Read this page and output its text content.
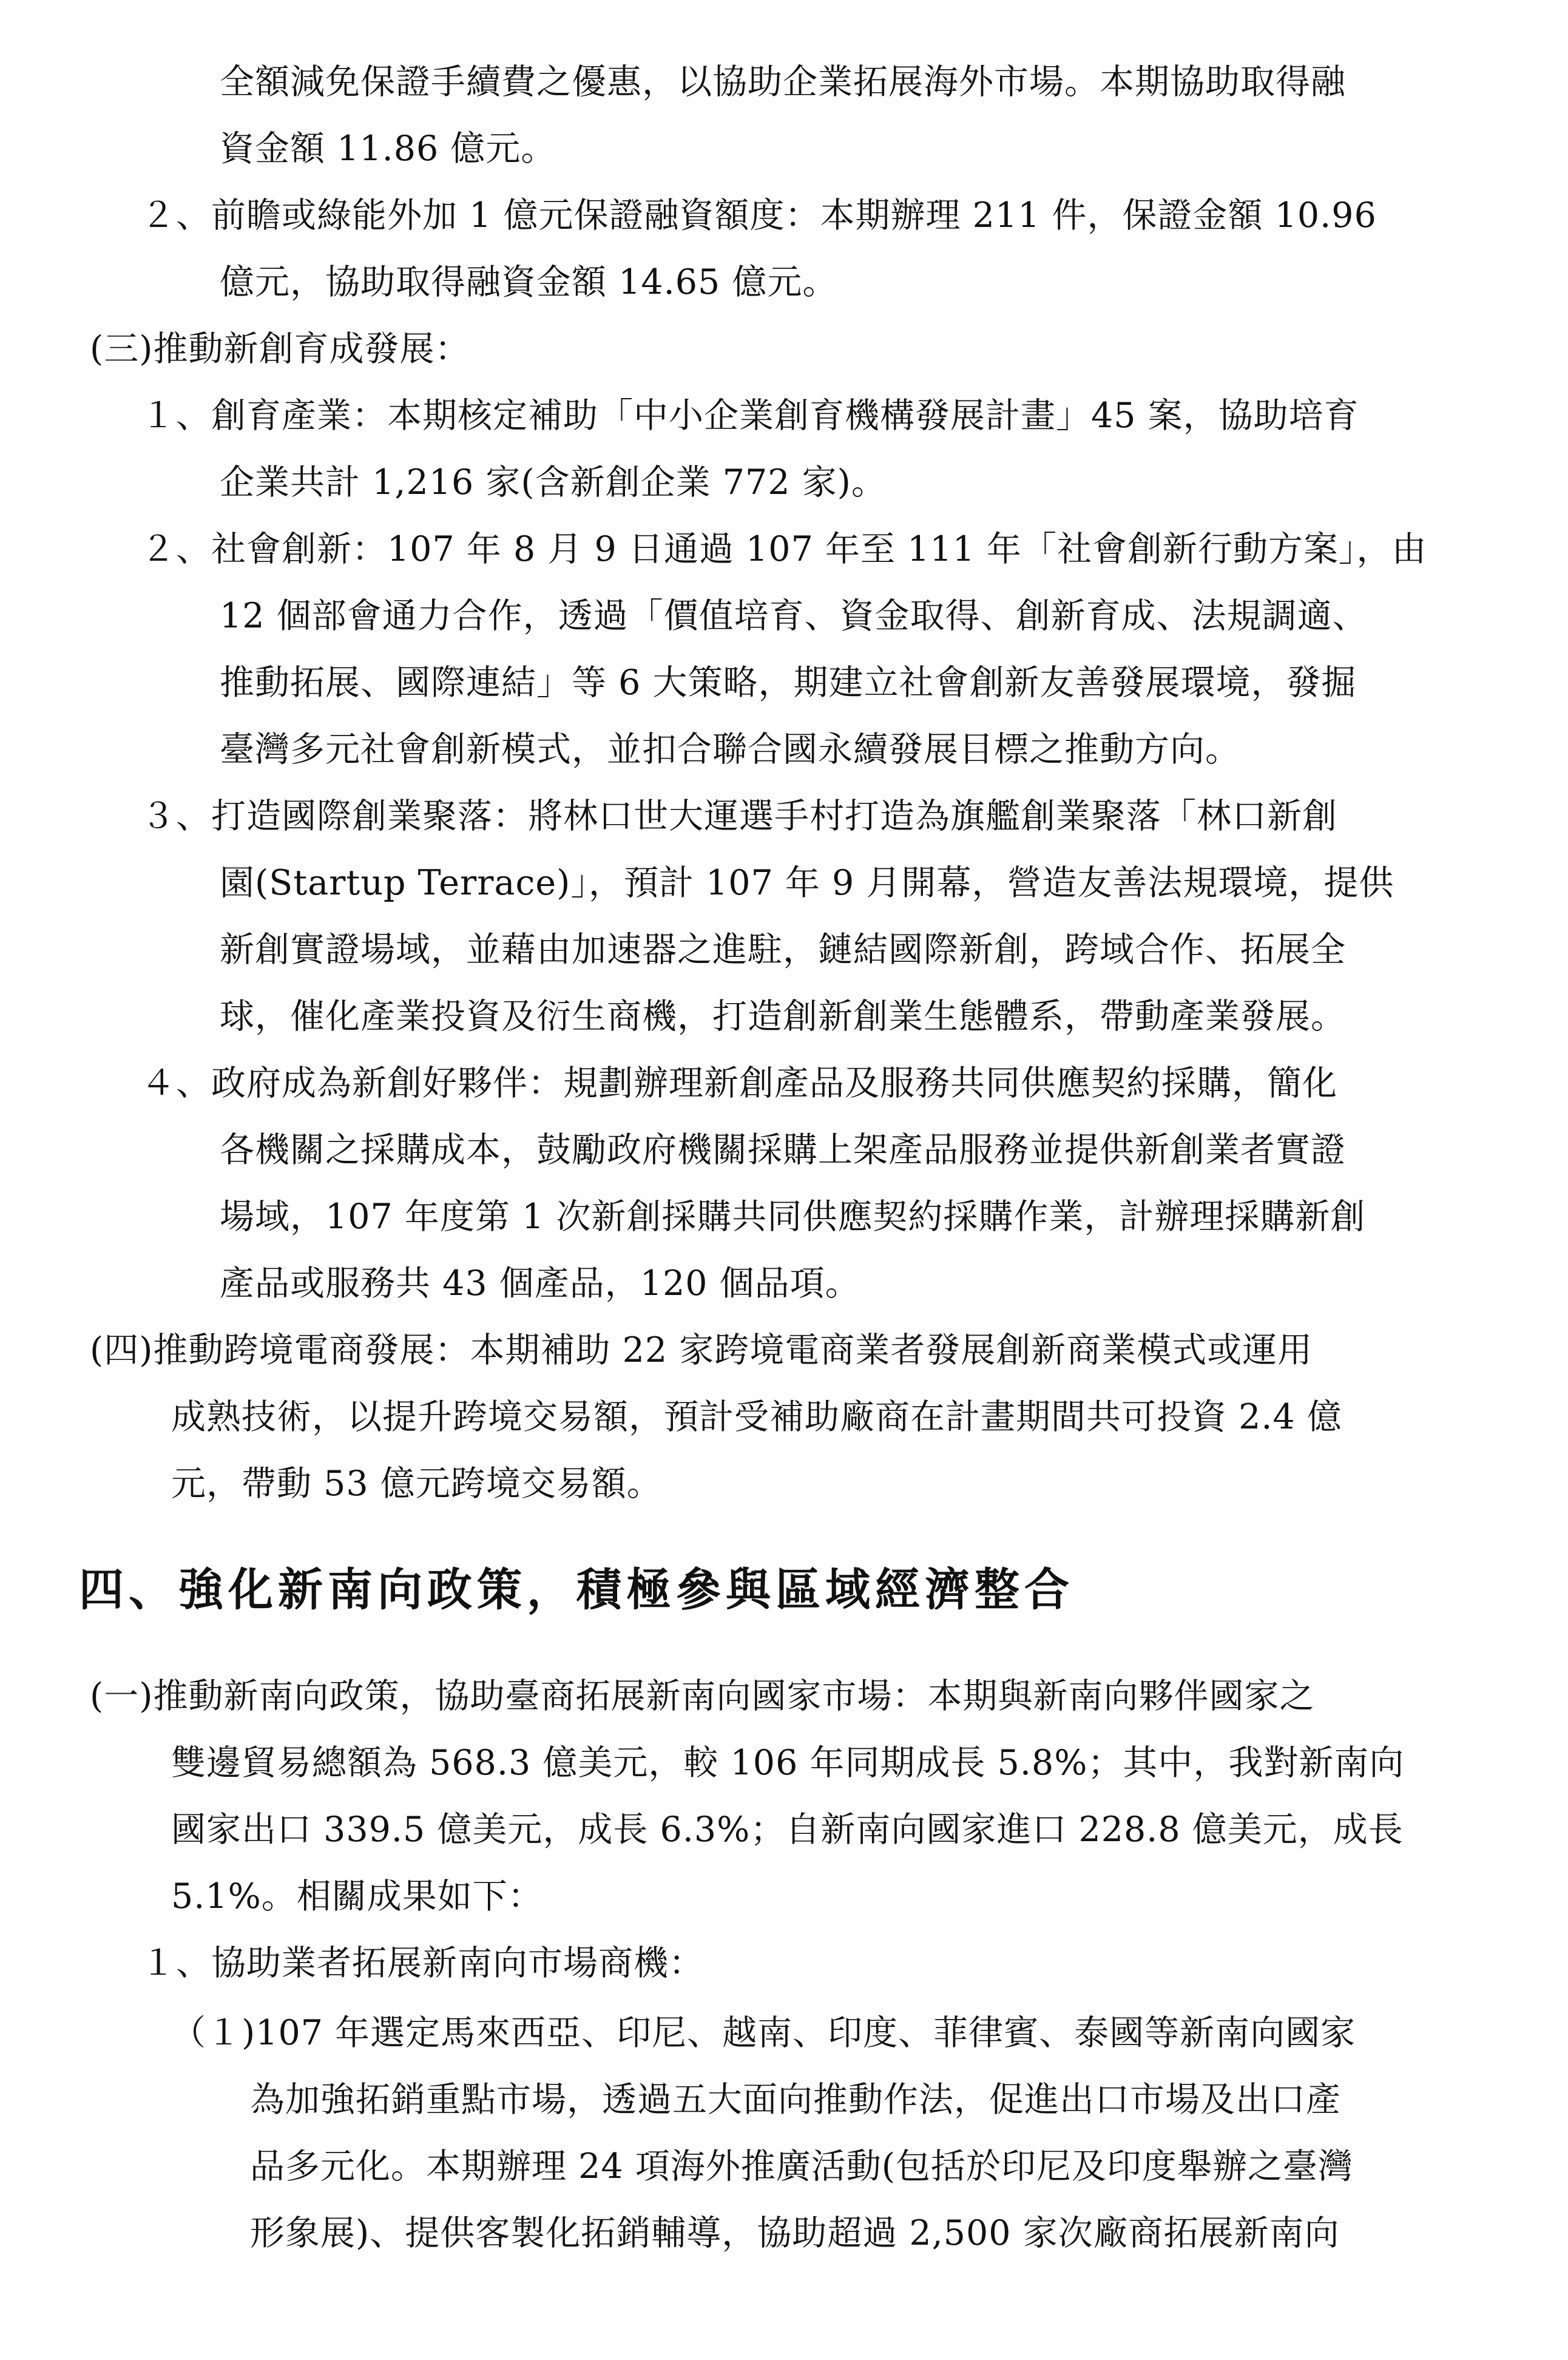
全額減免保證手續費之優惠，以協助企業拓展海外市場。本期協助取得融
資金額 11.86 億元。
２、前瞻或綠能外加 1 億元保證融資額度：本期辦理 211 件，保證金額 10.96
億元，協助取得融資金額 14.65 億元。
(三)推動新創育成發展：
１、創育產業：本期核定補助「中小企業創育機構發展計畫」45 案，協助培育
企業共計 1,216 家(含新創企業 772 家)。
２、社會創新：107 年 8 月 9 日通過 107 年至 111 年「社會創新行動方案」，由
12 個部會通力合作，透過「價值培育、資金取得、創新育成、法規調適、
推動拓展、國際連結」等 6 大策略，期建立社會創新友善發展環境，發掘
臺灣多元社會創新模式，並扣合聯合國永續發展目標之推動方向。
３、打造國際創業聚落：將林口世大運選手村打造為旗艦創業聚落「林口新創
園(Startup Terrace)」，預計 107 年 9 月開幕，營造友善法規環境，提供
新創實證場域，並藉由加速器之進駐，鏈結國際新創，跨域合作、拓展全
球，催化產業投資及衍生商機，打造創新創業生態體系，帶動產業發展。
４、政府成為新創好夥伴：規劃辦理新創產品及服務共同供應契約採購，簡化
各機關之採購成本，鼓勵政府機關採購上架產品服務並提供新創業者實證
場域，107 年度第 1 次新創採購共同供應契約採購作業，計辦理採購新創
產品或服務共 43 個產品，120 個品項。
(四)推動跨境電商發展：本期補助 22 家跨境電商業者發展創新商業模式或運用
成熟技術，以提升跨境交易額，預計受補助廠商在計畫期間共可投資 2.4 億
元，帶動 53 億元跨境交易額。
四、強化新南向政策，積極參與區域經濟整合
(一)推動新南向政策，協助臺商拓展新南向國家市場：本期與新南向夥伴國家之
雙邊貿易總額為 568.3 億美元，較 106 年同期成長 5.8%；其中，我對新南向
國家出口 339.5 億美元，成長 6.3%；自新南向國家進口 228.8 億美元，成長
5.1%。相關成果如下：
１、協助業者拓展新南向市場商機：
（１)107 年選定馬來西亞、印尼、越南、印度、菲律賓、泰國等新南向國家
為加強拓銷重點市場，透過五大面向推動作法，促進出口市場及出口產
品多元化。本期辦理 24 項海外推廣活動(包括於印尼及印度舉辦之臺灣
形象展)、提供客製化拓銷輔導，協助超過 2,500 家次廠商拓展新南向
